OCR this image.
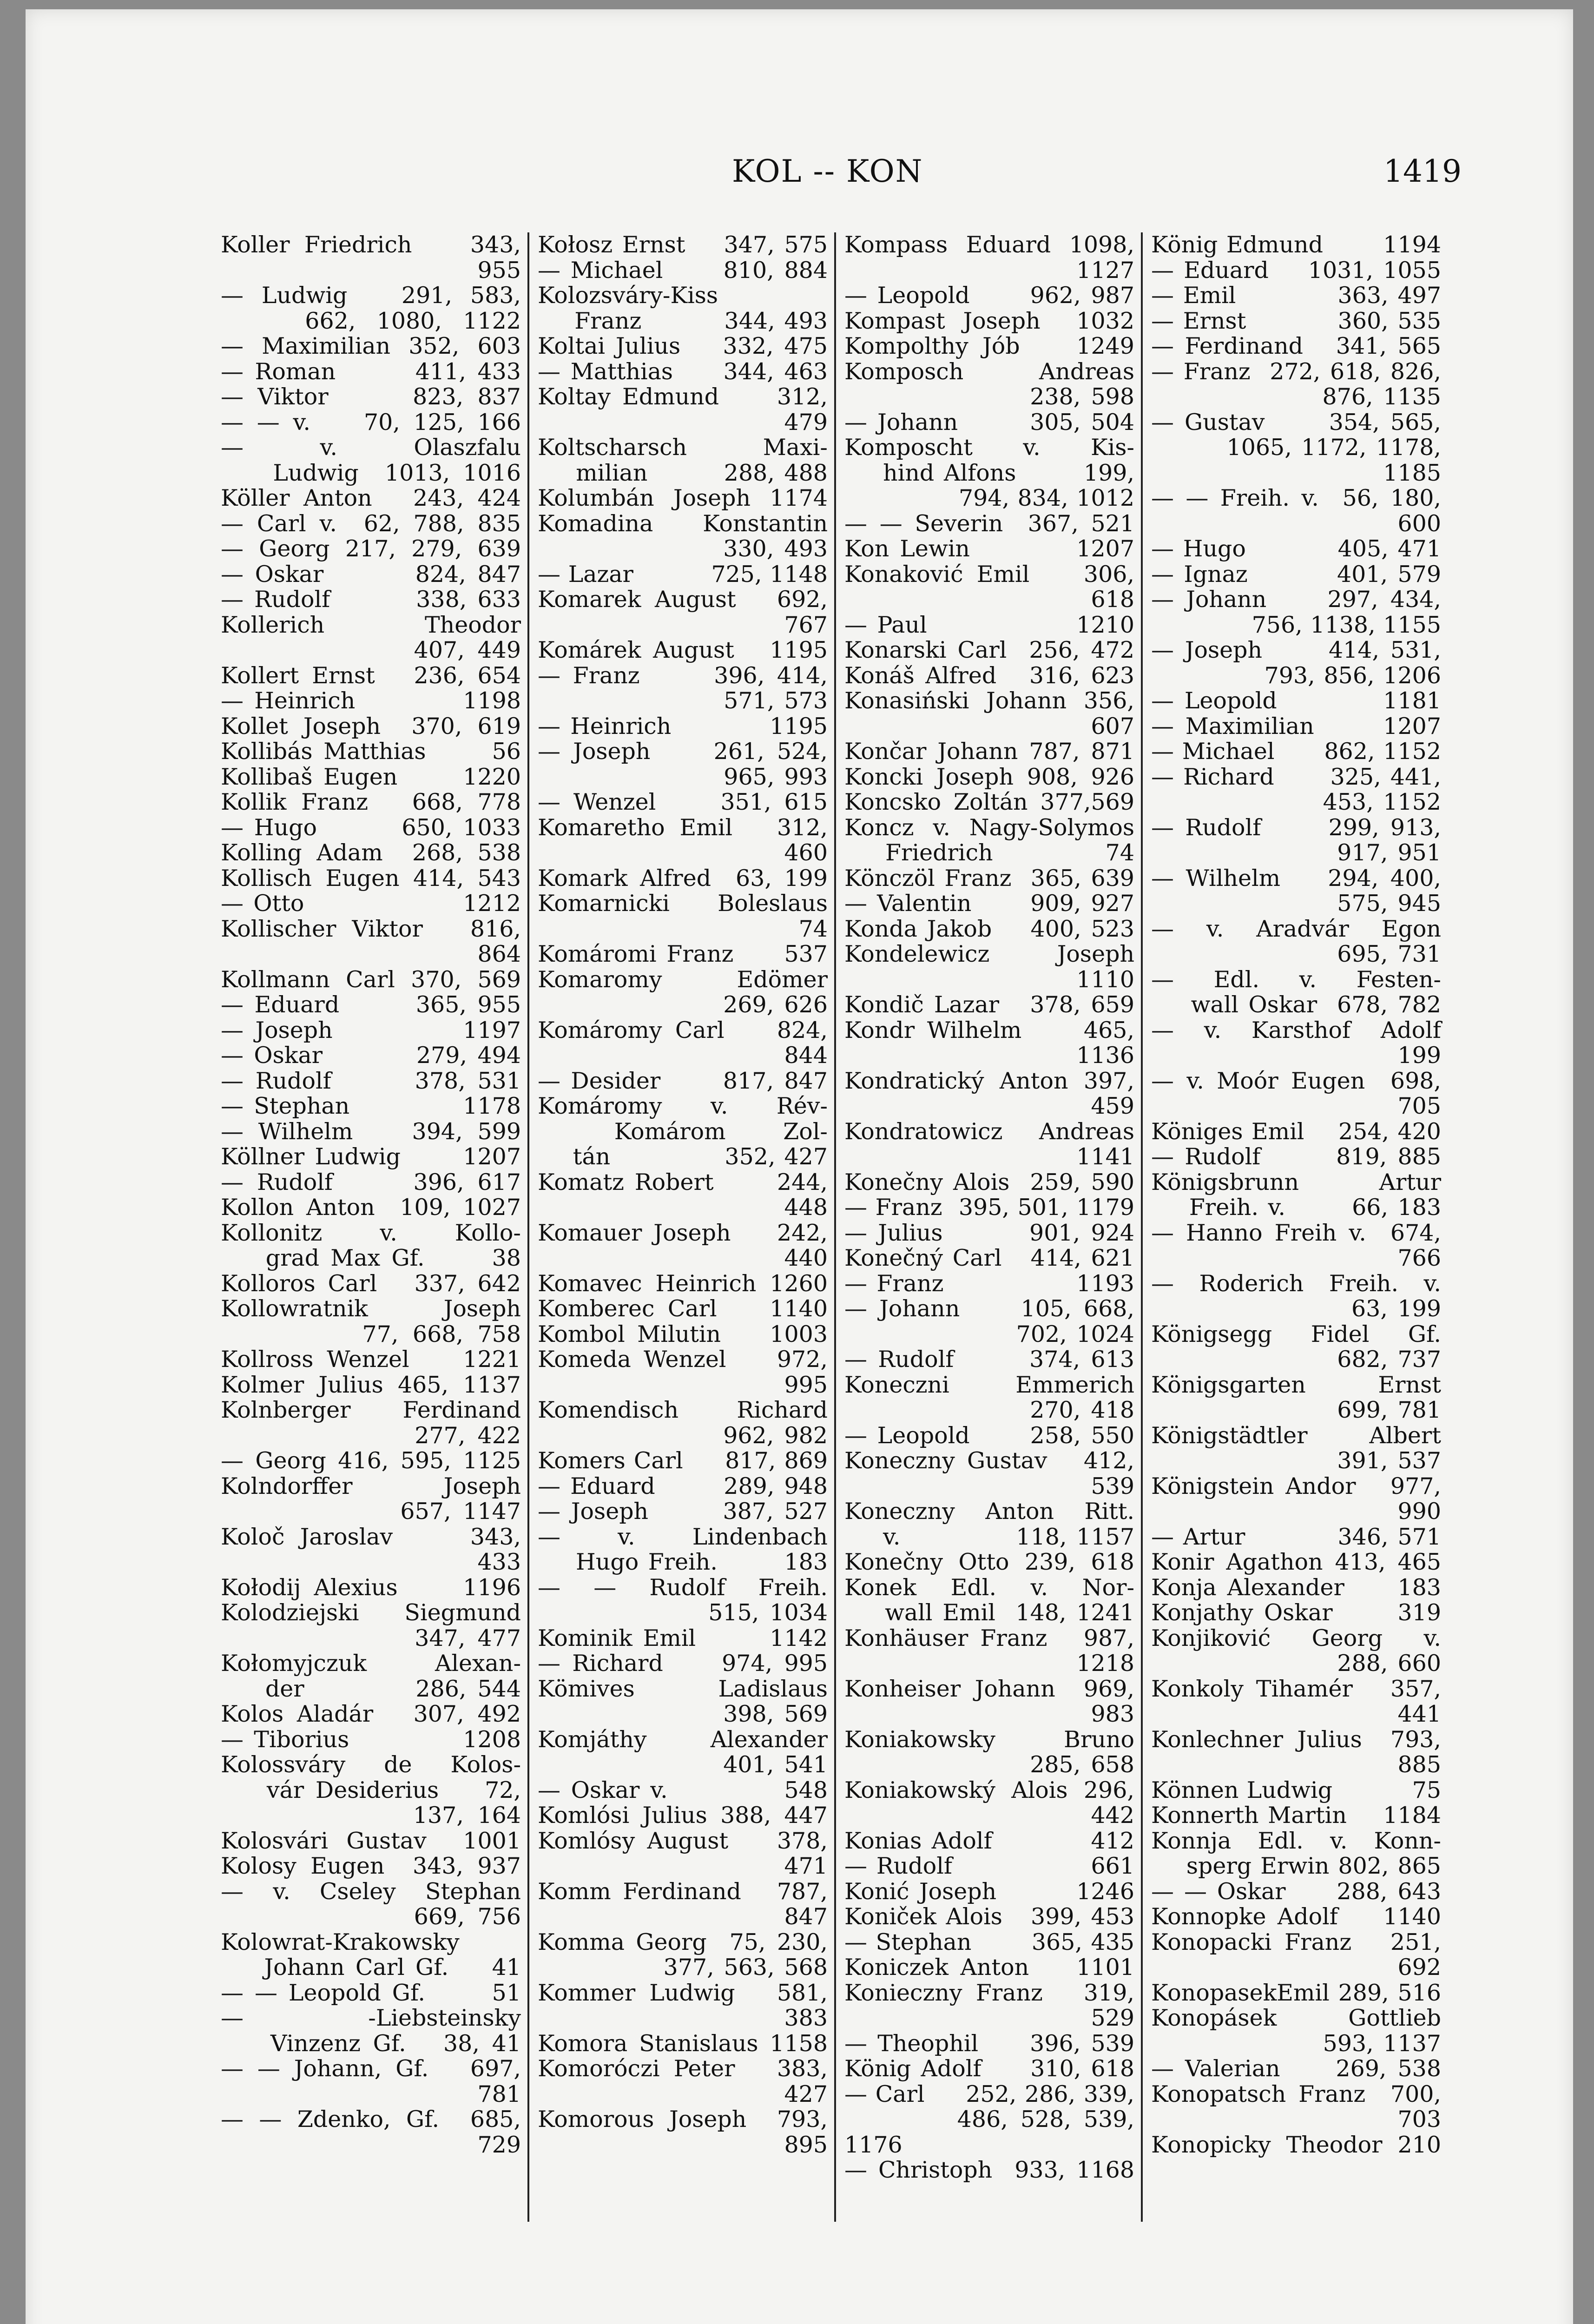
KOL -- KON	1419

Koller Friedrich    343,
955

— Ludwig   291, 583,
662, 1080, 1122

— Maximilian 352, 603

— Roman       411, 433

— Viktor      823, 837

— — v.    70, 125, 166

— v. Olaszfalu
Ludwig  1013, 1016

Köller Anton   243, 424

— Carl v.  62, 788, 835

— Georg 217, 279, 639

— Oskar        824, 847

— Rudolf        338, 633

Kollerich Theodor
407, 449

Kollert Ernst   236, 654

— Heinrich          1198

Kollet Joseph  370, 619

Kollibás Matthias      56

Kollibaš Eugen      1220

Kollik Franz   668, 778

— Hugo        650, 1033

Kolling Adam  268, 538

Kollisch Eugen 414, 543

— Otto                1212

Kollischer Viktor   816,
864

Kollmann Carl 370, 569

— Eduard       365, 955

— Joseph           1197

— Oskar         279, 494

— Rudolf       378, 531

— Stephan           1178

— Wilhelm    394, 599

Köllner Ludwig      1207

— Rudolf      396, 617

Kollon Anton  109, 1027

Kollonitz v. Kollo-
grad Max Gf.      38

Kolloros Carl   337, 642

Kollowratnik Joseph
77, 668, 758

Kollross Wenzel    1221

Kolmer Julius 465, 1137

Kolnberger Ferdinand
277, 422

— Georg 416, 595, 1125

Kolndorffer Joseph
657, 1147

Koloč Jaroslav     343,
433

Kołodij Alexius     1196

Kolodziejski Siegmund
347, 477

Kołomyjczuk Alexan-
der          286, 544

Kolos Aladár   307, 492

— Tiborius           1208

Kolossváry de Kolos-
vár Desiderius    72,
137, 164

Kolosvári Gustav  1001

Kolosy Eugen  343, 937

— v. Cseley Stephan
669, 756

Kolowrat-Krakowsky
Johann Carl Gf.    41

— — Leopold Gf.      51

— -Liebsteinsky
Vinzenz Gf.   38, 41

— — Johann, Gf.   697,
781

— — Zdenko, Gf.  685,
729

Kołosz Ernst    347, 575

— Michael      810, 884

Kolozsváry-Kiss
Franz         344, 493

Koltai Julius    332, 475

— Matthias     344, 463

Koltay Edmund     312,
479

Koltscharsch Maxi-
milian        288, 488

Kolumbán Joseph 1174

Komadina Konstantin
330, 493

— Lazar          725, 1148

Komarek August   692,
767

Komárek August   1195

— Franz      396, 414,
571, 573

— Heinrich          1195

— Joseph     261, 524,
965, 993

— Wenzel     351, 615

Komaretho Emil   312,
460

Komark Alfred  63, 199

Komarnicki Boleslaus
74

Komáromi Franz     537

Komaromy Edömer
269, 626

Komáromy Carl    824,
844

— Desider      817, 847

Komáromy v. Rév-
Komárom   Zol-
tán             352, 427

Komatz Robert      244,
448

Komauer Joseph    242,
440

Komavec Heinrich 1260

Komberec Carl    1140

Kombol Milutin    1003

Komeda Wenzel    972,
995

Komendisch Richard
962, 982

Komers Carl     817, 869

— Eduard       289, 948

— Joseph       387, 527

— v. Lindenbach
Hugo Freih.       183

— — Rudolf Freih.
515, 1034

Kominik Emil       1142

— Richard     974, 995

Kömives Ladislaus
398, 569

Komjáthy Alexander
401, 541

— Oskar v.           548

Komlósi Julius 388, 447

Komlósy August    378,
471

Komm Ferdinand   787,
847

Komma Georg  75, 230,
377, 563, 568

Kommer Ludwig   581,
383

Komora Stanislaus 1158

Komoróczi Peter   383,
427

Komorous Joseph  793,
895

Kompass Eduard 1098,
1127

— Leopold      962, 987

Kompast Joseph  1032

Kompolthy Jób    1249

Komposch Andreas
238, 598

— Johann       305, 504

Komposcht v. Kis-
hind Alfons       199,
794, 834, 1012

— — Severin  367, 521

Kon Lewin          1207

Konaković Emil    306,
618

— Paul               1210

Konarski Carl  256, 472

Konáš Alfred   316, 623

Konasiński Johann 356,
607

Končar Johann 787, 871

Koncki Joseph 908, 926

Koncsko Zoltán 377,569

Koncz v. Nagy-Solymos
Friedrich           74

Könczöl Franz  365, 639

— Valentin      909, 927

Konda Jakob    400, 523

Kondelewicz Joseph
1110

Kondič Lazar   378, 659

Kondr Wilhelm     465,
1136

Kondratický Anton 397,
459

Kondratowicz Andreas
1141

Konečny Alois  259, 590

— Franz  395, 501, 1179

— Julius        901, 924

Konečný Carl   414, 621

— Franz              1193

— Johann     105, 668,
702, 1024

— Rudolf       374, 613

Koneczni Emmerich
270, 418

— Leopold      258, 550

Koneczny Gustav   412,
539

Koneczny Anton Ritt.
v.            118, 1157

Konečny Otto 239, 618

Konek Edl. v. Nor-
wall Emil  148, 1241

Konhäuser Franz   987,
1218

Konheiser Johann  969,
983

Koniakowsky Bruno
285, 658

Koniakowský Alois 296,
442

Konias Adolf          412

— Rudolf               661

Konić Joseph        1246

Koniček Alois   399, 453

— Stephan       365, 435

Koniczek Anton    1101

Konieczny Franz   319,
529

— Theophil     396, 539

König Adolf     310, 618

— Carl     252, 286, 339,
486, 528, 539, 1176

— Christoph  933, 1168

König Edmund       1194

— Eduard    1031, 1055

— Emil           363, 497

— Ernst          360, 535

— Ferdinand   341, 565

— Franz  272, 618, 826,
876, 1135

— Gustav      354, 565,
1065, 1172, 1178,
1185

— — Freih. v.  56, 180,
600

— Hugo          405, 471

— Ignaz         401, 579

— Johann     297, 434,
756, 1138, 1155

— Joseph      414, 531,
793, 856, 1206

— Leopold          1181

— Maximilian      1207

— Michael      862, 1152

— Richard      325, 441,
453, 1152

— Rudolf      299, 913,
917, 951

— Wilhelm    294, 400,
575, 945

— v. Aradvár Egon
695, 731

— Edl. v. Festen-
wall Oskar  678, 782

— v. Karsthof Adolf
199

— v. Moór Eugen  698,
705

Königes Emil    254, 420

— Rudolf       819, 885

Königsbrunn Artur
Freih. v.       66, 183

— Hanno Freih v.  674,
766

— Roderich Freih. v.
63, 199

Königsegg Fidel Gf.
682, 737

Königsgarten Ernst
699, 781

Königstädtler Albert
391, 537

Königstein Andor   977,
990

— Artur          346, 571

Konir Agathon 413, 465

Konja Alexander     183

Konjathy Oskar      319

Konjiković Georg v.
288, 660

Konkoly Tihamér   357,
441

Konlechner Julius  793,
885

Können Ludwig          75

Konnerth Martin    1184

Konnja Edl. v. Konn-
sperg Erwin 802, 865

— — Oskar     288, 643

Konnopke Adolf    1140

Konopacki Franz   251,
692

KonopasekEmil 289, 516

Konopásek Gottlieb
593, 1137

— Valerian     269, 538

Konopatsch Franz  700,
703

Konopicky Theodor 210
